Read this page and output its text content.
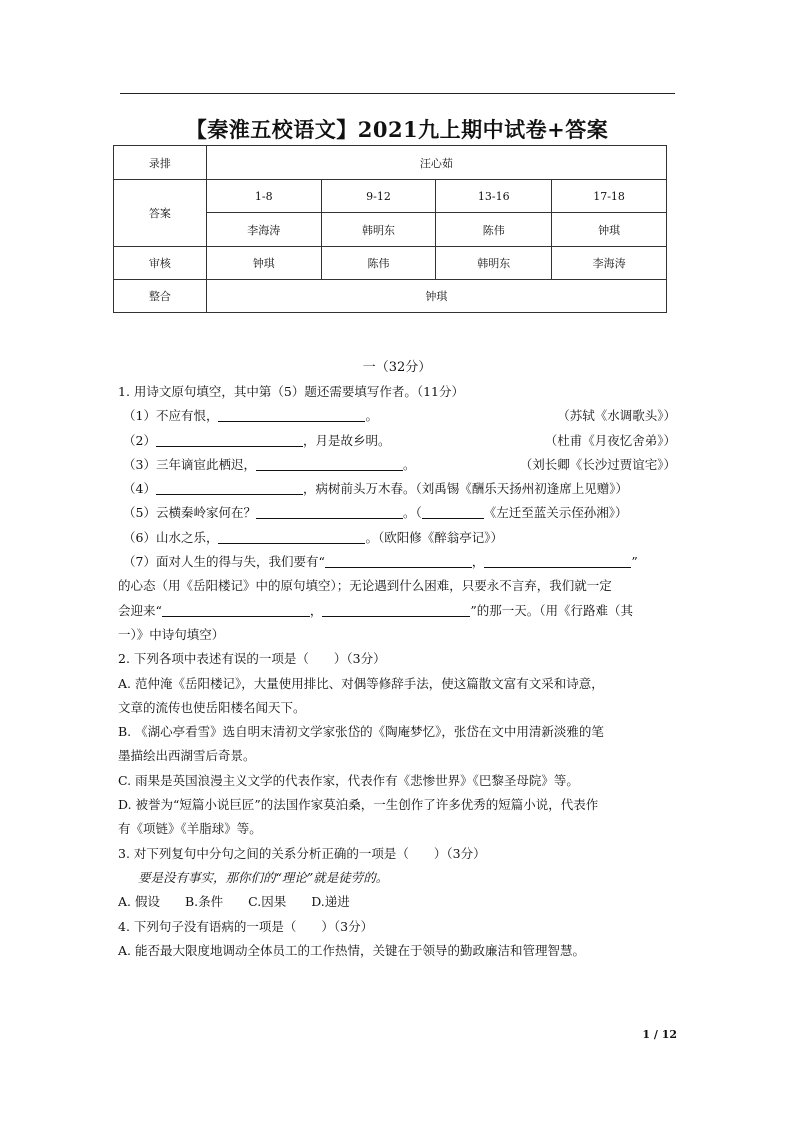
【秦淮五校语文】2021九上期中试卷+答案
录排	汪心茹			
答案	1-8	9-12	13-16	17-18
	李海涛	韩明东	陈伟	钟琪
审核	钟琪	陈伟	韩明东	李海涛
整合	钟琪			
一（32分）
1. 用诗文原句填空，其中第（5）题还需要填写作者。（11分）
（1）不应有恨，	。	（苏轼《水调歌头》）
（2）	，月是故乡明。	（杜甫《月夜忆舍弟》）
（3）三年谪宦此栖迟，	。	（刘长卿《长沙过贾谊宅》）
（4）	，病树前头万木春。（刘禹锡《酬乐天扬州初逢席上见赠》）
（5）云横秦岭家何在？	。（	《左迁至蓝关示侄孙湘》）
（6）山水之乐，	。（欧阳修《醉翁亭记》）
（7）面对人生的得与失，我们要有“	，	”
的心态（用《岳阳楼记》中的原句填空）；无论遇到什么困难，只要永不言弃，我们就一定
会迎来“	，	”的那一天。（用《行路难（其
一）》中诗句填空）
2. 下列各项中表述有误的一项是（　　）（3分）
A. 范仲淹《岳阳楼记》，大量使用排比、对偶等修辞手法，使这篇散文富有文采和诗意，
文章的流传也使岳阳楼名闻天下。
B. 《湖心亭看雪》选自明末清初文学家张岱的《陶庵梦忆》，张岱在文中用清新淡雅的笔
墨描绘出西湖雪后奇景。
C. 雨果是英国浪漫主义文学的代表作家，代表作有《悲惨世界》《巴黎圣母院》等。
D. 被誉为“短篇小说巨匠”的法国作家莫泊桑，一生创作了许多优秀的短篇小说，代表作
有《项链》《羊脂球》等。
3. 对下列复句中分句之间的关系分析正确的一项是（　　）（3分）
要是没有事实，那你们的“理论”就是徒劳的。
A. 假设　　B.条件　　C.因果　　D.递进
4. 下列句子没有语病的一项是（　　）（3分）
A. 能否最大限度地调动全体员工的工作热情，关键在于领导的勤政廉洁和管理智慧。
1 / 12
